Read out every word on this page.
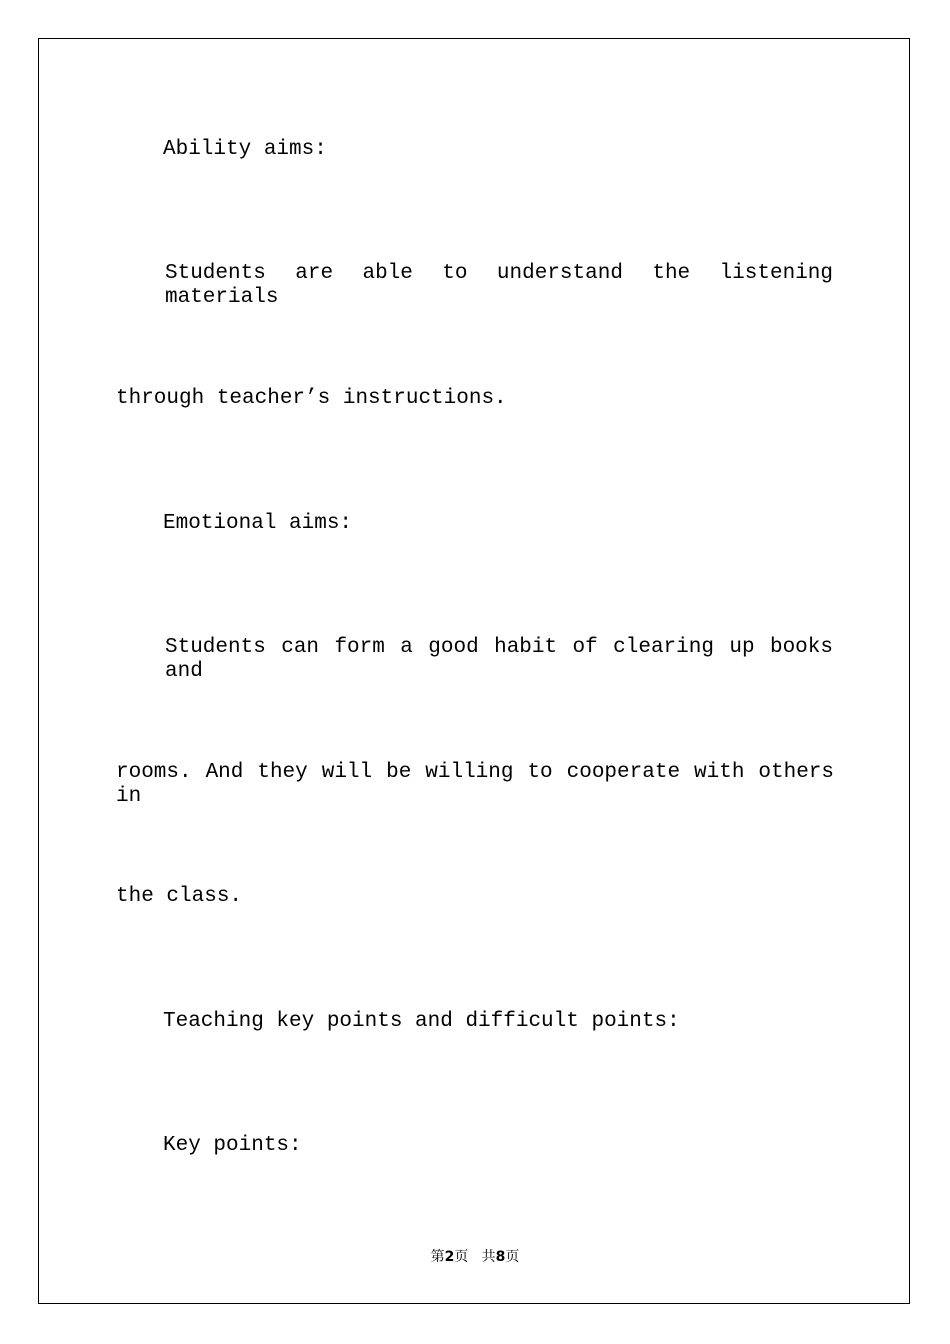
Ability aims:
Students are able to understand the listening materials
through teacher’s instructions.
Emotional aims:
Students can form a good habit of clearing up books and
rooms. And they will be willing to cooperate with others in
the class.
Teaching key points and difficult points:
Key points:
第2页 共8页
